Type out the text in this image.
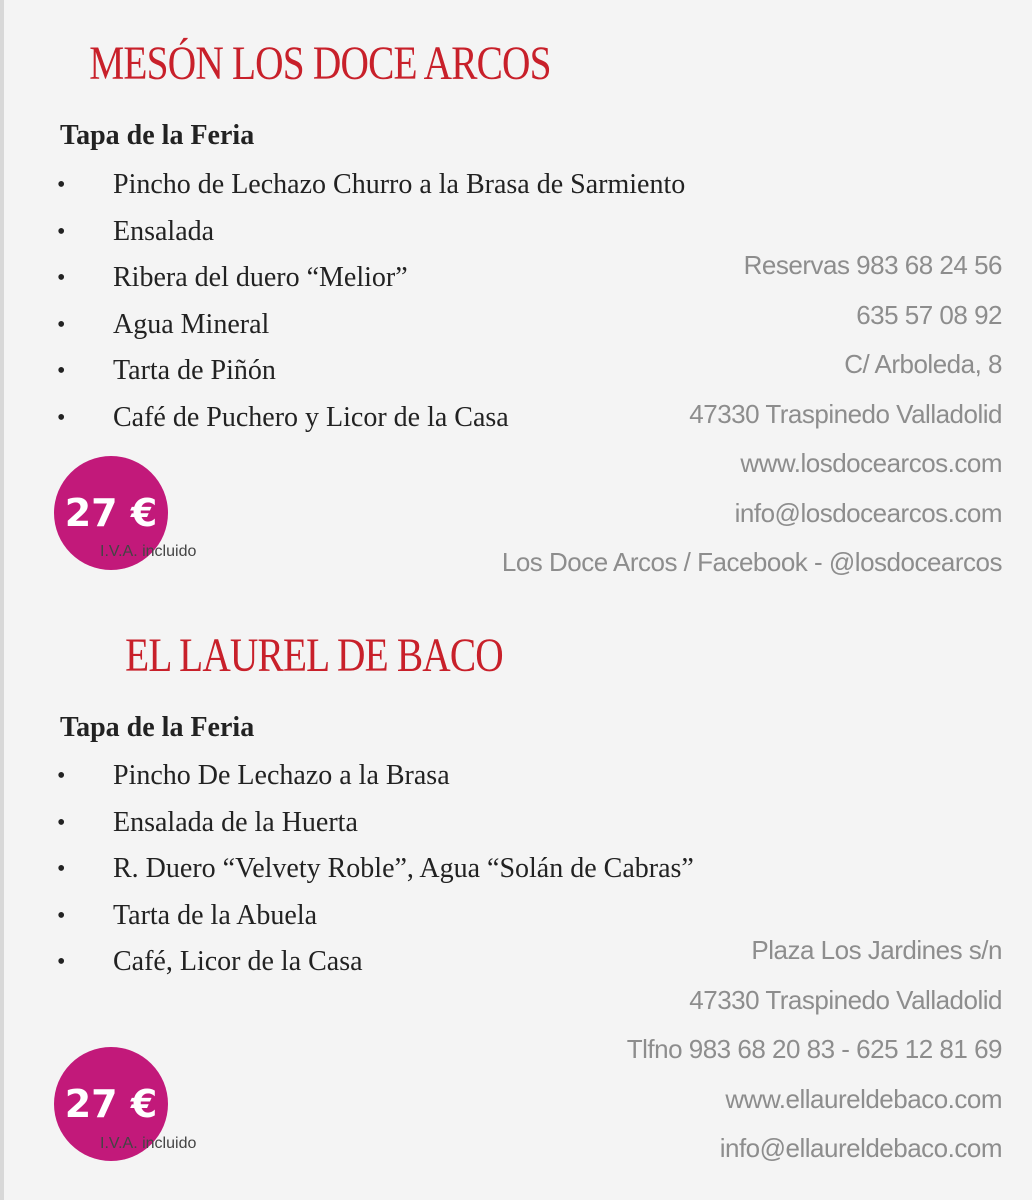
MESÓN LOS DOCE ARCOS
Tapa de la Feria
• Pincho de Lechazo Churro a la Brasa de Sarmiento
• Ensalada
• Ribera del duero “Melior”
• Agua Mineral
• Tarta de Piñón
• Café de Puchero y Licor de la Casa
Reservas 983 68 24 56
635 57 08 92
C/ Arboleda, 8
47330 Traspinedo Valladolid
www.losdocearcos.com
info@losdocearcos.com
Los Doce Arcos / Facebook - @losdocearcos
27 €
I.V.A. incluido
EL LAUREL DE BACO
Tapa de la Feria
• Pincho De Lechazo a la Brasa
• Ensalada de la Huerta
• R. Duero “Velvety Roble”, Agua “Solán de Cabras”
• Tarta de la Abuela
• Café, Licor de la Casa	Plaza Los Jardines s/n
47330 Traspinedo Valladolid
Tlfno 983 68 20 83 - 625 12 81 69
www.ellaureldebaco.com
info@ellaureldebaco.com
27 €
I.V.A. incluido
